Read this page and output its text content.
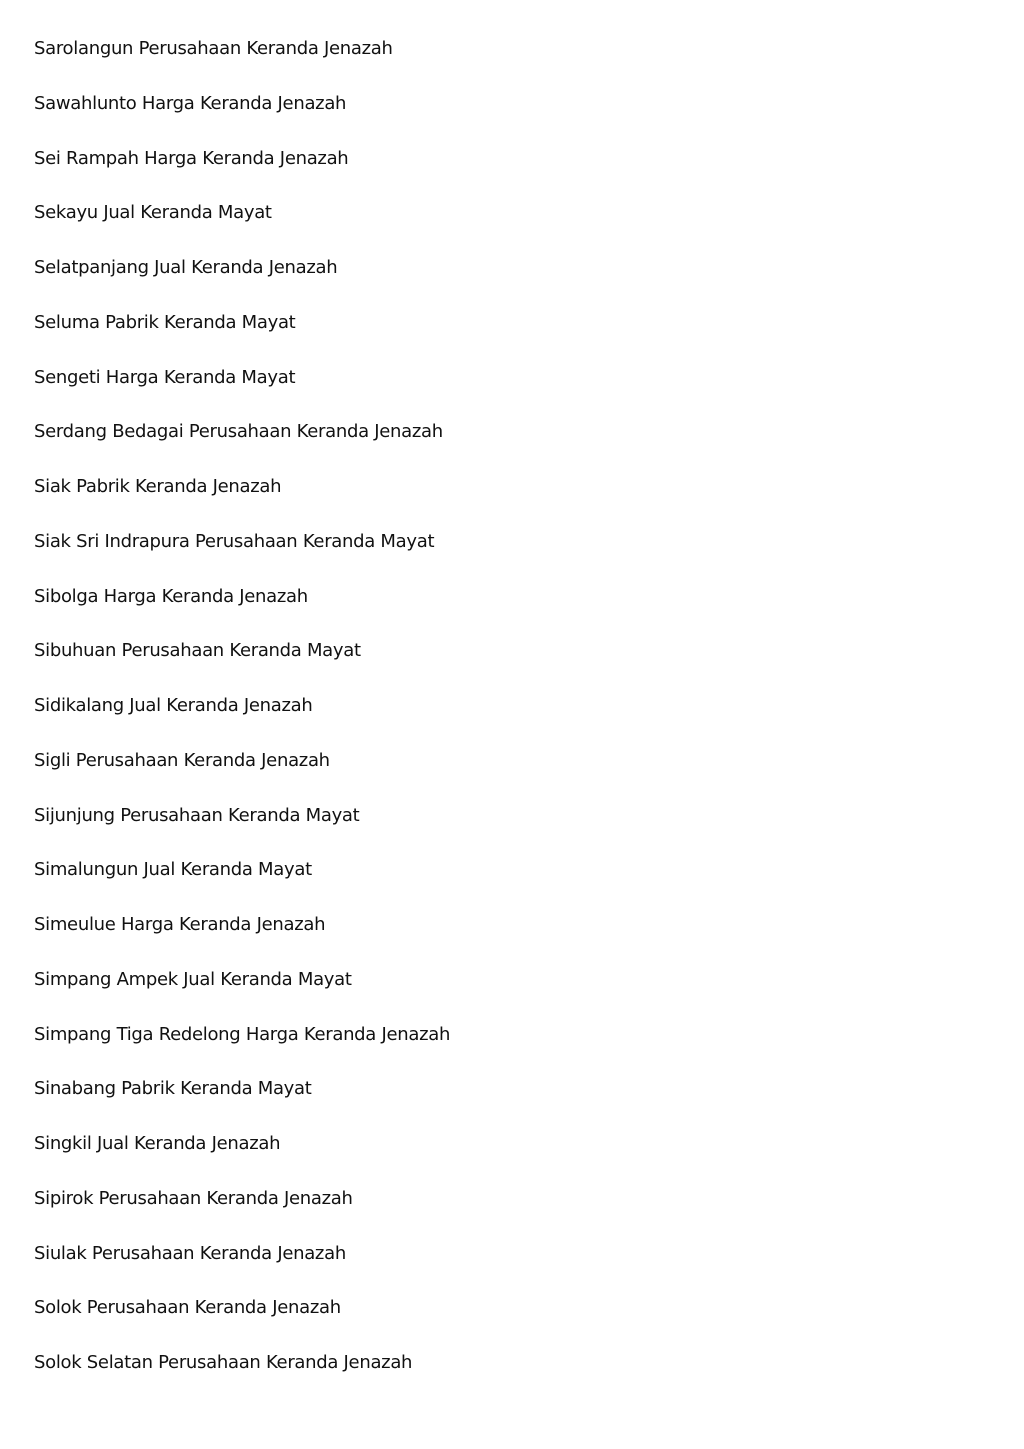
Sarolangun Perusahaan Keranda Jenazah
Sawahlunto Harga Keranda Jenazah
Sei Rampah Harga Keranda Jenazah
Sekayu Jual Keranda Mayat
Selatpanjang Jual Keranda Jenazah
Seluma Pabrik Keranda Mayat
Sengeti Harga Keranda Mayat
Serdang Bedagai Perusahaan Keranda Jenazah
Siak Pabrik Keranda Jenazah
Siak Sri Indrapura Perusahaan Keranda Mayat
Sibolga Harga Keranda Jenazah
Sibuhuan Perusahaan Keranda Mayat
Sidikalang Jual Keranda Jenazah
Sigli Perusahaan Keranda Jenazah
Sijunjung Perusahaan Keranda Mayat
Simalungun Jual Keranda Mayat
Simeulue Harga Keranda Jenazah
Simpang Ampek Jual Keranda Mayat
Simpang Tiga Redelong Harga Keranda Jenazah
Sinabang Pabrik Keranda Mayat
Singkil Jual Keranda Jenazah
Sipirok Perusahaan Keranda Jenazah
Siulak Perusahaan Keranda Jenazah
Solok Perusahaan Keranda Jenazah
Solok Selatan Perusahaan Keranda Jenazah
